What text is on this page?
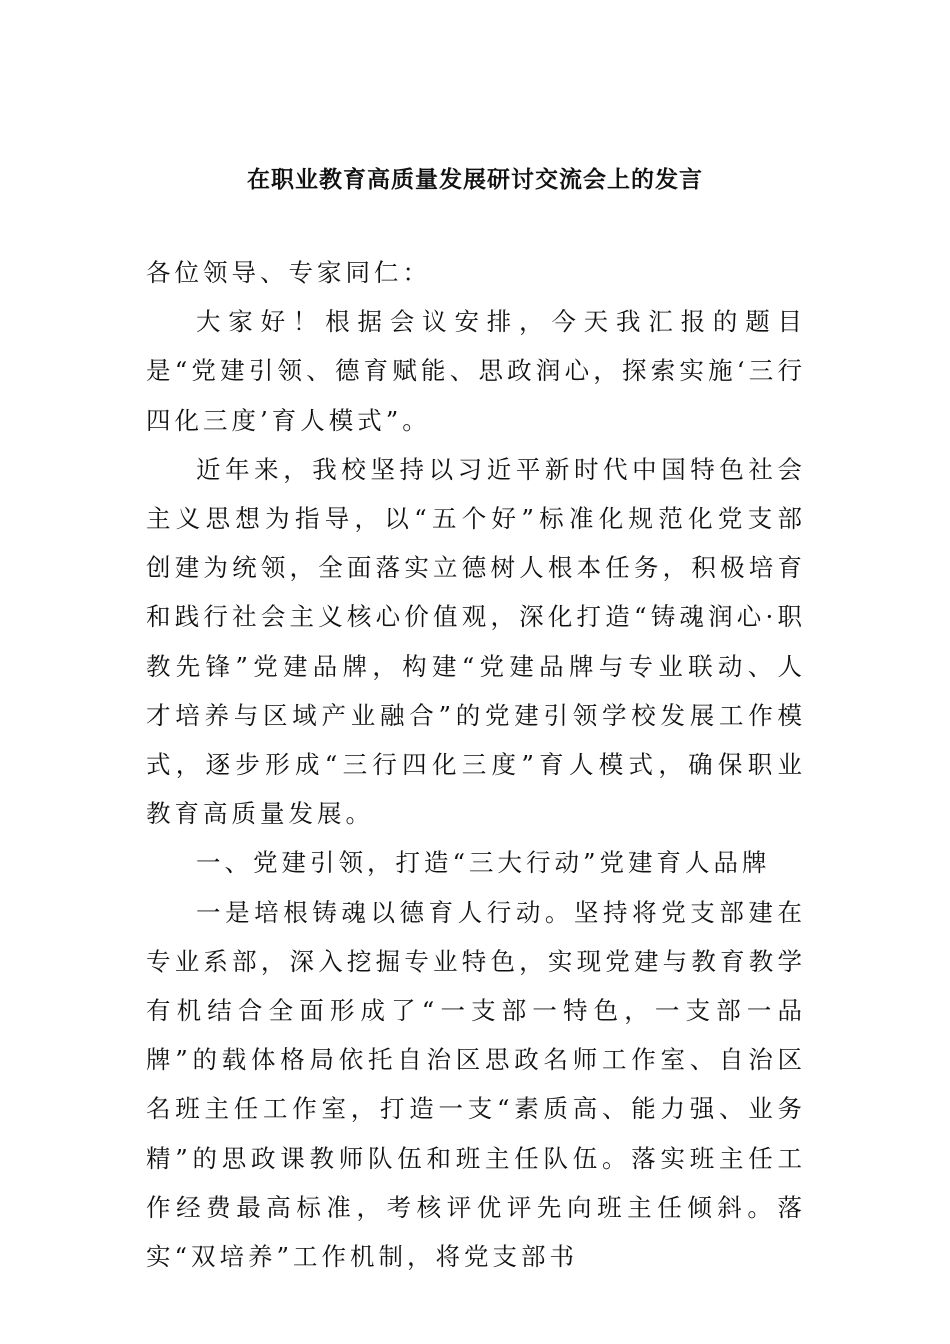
在职业教育高质量发展研讨交流会上的发言

各位领导、专家同仁：

大家好！根据会议安排，今天我汇报的题目是“党建引领、德育赋能、思政润心，探索实施‘三行四化三度’育人模式”。

近年来，我校坚持以习近平新时代中国特色社会主义思想为指导，以“五个好”标准化规范化党支部创建为统领，全面落实立德树人根本任务，积极培育和践行社会主义核心价值观，深化打造“铸魂润心·职教先锋”党建品牌，构建“党建品牌与专业联动、人才培养与区域产业融合”的党建引领学校发展工作模式，逐步形成“三行四化三度”育人模式，确保职业教育高质量发展。

一、党建引领，打造“三大行动”党建育人品牌

一是培根铸魂以德育人行动。坚持将党支部建在专业系部，深入挖掘专业特色，实现党建与教育教学有机结合全面形成了“一支部一特色，一支部一品牌”的载体格局依托自治区思政名师工作室、自治区名班主任工作室，打造一支“素质高、能力强、业务精”的思政课教师队伍和班主任队伍。落实班主任工作经费最高标准，考核评优评先向班主任倾斜。落实“双培养”工作机制，将党支部书
